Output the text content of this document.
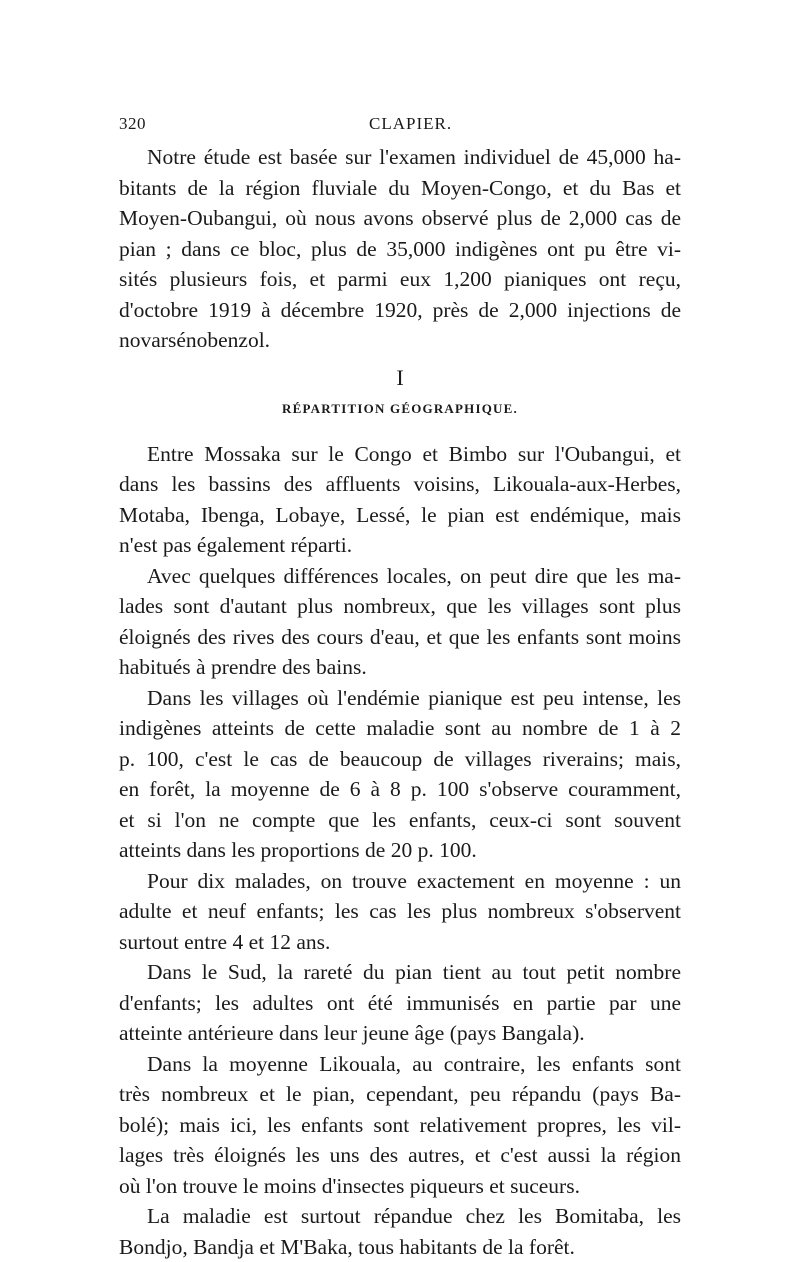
320	CLAPIER.

Notre étude est basée sur l'examen individuel de 45,000 ha-
bitants de la région fluviale du Moyen-Congo, et du Bas et
Moyen-Oubangui, où nous avons observé plus de 2,000 cas de
pian ; dans ce bloc, plus de 35,000 indigènes ont pu être vi-
sités plusieurs fois, et parmi eux 1,200 pianiques ont reçu,
d'octobre 1919 à décembre 1920, près de 2,000 injections de
novarsénobenzol.

I
RÉPARTITION GÉOGRAPHIQUE.

Entre Mossaka sur le Congo et Bimbo sur l'Oubangui, et
dans les bassins des affluents voisins, Likouala-aux-Herbes,
Motaba, Ibenga, Lobaye, Lessé, le pian est endémique, mais
n'est pas également réparti.

Avec quelques différences locales, on peut dire que les ma-
lades sont d'autant plus nombreux, que les villages sont plus
éloignés des rives des cours d'eau, et que les enfants sont moins
habitués à prendre des bains.

Dans les villages où l'endémie pianique est peu intense, les
indigènes atteints de cette maladie sont au nombre de 1 à 2
p. 100, c'est le cas de beaucoup de villages riverains; mais,
en forêt, la moyenne de 6 à 8 p. 100 s'observe couramment,
et si l'on ne compte que les enfants, ceux-ci sont souvent
atteints dans les proportions de 20 p. 100.

Pour dix malades, on trouve exactement en moyenne : un
adulte et neuf enfants; les cas les plus nombreux s'observent
surtout entre 4 et 12 ans.

Dans le Sud, la rareté du pian tient au tout petit nombre
d'enfants; les adultes ont été immunisés en partie par une
atteinte antérieure dans leur jeune âge (pays Bangala).

Dans la moyenne Likouala, au contraire, les enfants sont
très nombreux et le pian, cependant, peu répandu (pays Ba-
bolé); mais ici, les enfants sont relativement propres, les vil-
lages très éloignés les uns des autres, et c'est aussi la région
où l'on trouve le moins d'insectes piqueurs et suceurs.

La maladie est surtout répandue chez les Bomitaba, les
Bondjo, Bandja et M'Baka, tous habitants de la forêt.
